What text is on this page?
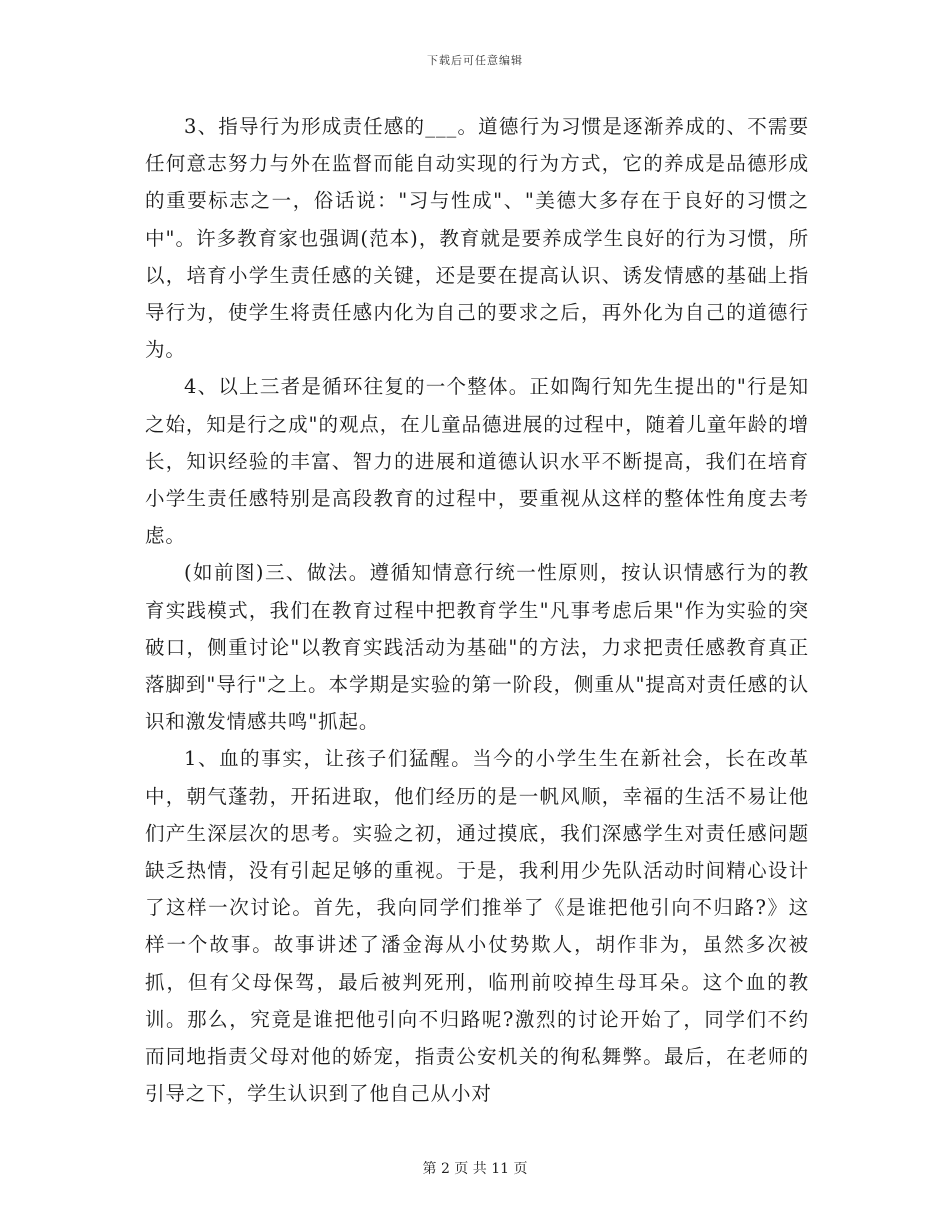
下载后可任意编辑

3、指导行为形成责任感的___。道德行为习惯是逐渐养成的、不需要任何意志努力与外在监督而能自动实现的行为方式，它的养成是品德形成的重要标志之一，俗话说："习与性成"、"美德大多存在于良好的习惯之中"。许多教育家也强调(范本)，教育就是要养成学生良好的行为习惯，所以，培育小学生责任感的关键，还是要在提高认识、诱发情感的基础上指导行为，使学生将责任感内化为自己的要求之后，再外化为自己的道德行为。

4、以上三者是循环往复的一个整体。正如陶行知先生提出的"行是知之始，知是行之成"的观点，在儿童品德进展的过程中，随着儿童年龄的增长，知识经验的丰富、智力的进展和道德认识水平不断提高，我们在培育小学生责任感特别是高段教育的过程中，要重视从这样的整体性角度去考虑。

(如前图)三、做法。遵循知情意行统一性原则，按认识情感行为的教育实践模式，我们在教育过程中把教育学生"凡事考虑后果"作为实验的突破口，侧重讨论"以教育实践活动为基础"的方法，力求把责任感教育真正落脚到"导行"之上。本学期是实验的第一阶段，侧重从"提高对责任感的认识和激发情感共鸣"抓起。

1、血的事实，让孩子们猛醒。当今的小学生生在新社会，长在改革中，朝气蓬勃，开拓进取，他们经历的是一帆风顺，幸福的生活不易让他们产生深层次的思考。实验之初，通过摸底，我们深感学生对责任感问题缺乏热情，没有引起足够的重视。于是，我利用少先队活动时间精心设计了这样一次讨论。首先，我向同学们推举了《是谁把他引向不归路?》这样一个故事。故事讲述了潘金海从小仗势欺人，胡作非为，虽然多次被抓，但有父母保驾，最后被判死刑，临刑前咬掉生母耳朵。这个血的教训。那么，究竟是谁把他引向不归路呢?激烈的讨论开始了，同学们不约而同地指责父母对他的娇宠，指责公安机关的徇私舞弊。最后，在老师的引导之下，学生认识到了他自己从小对

第 2 页 共 11 页
